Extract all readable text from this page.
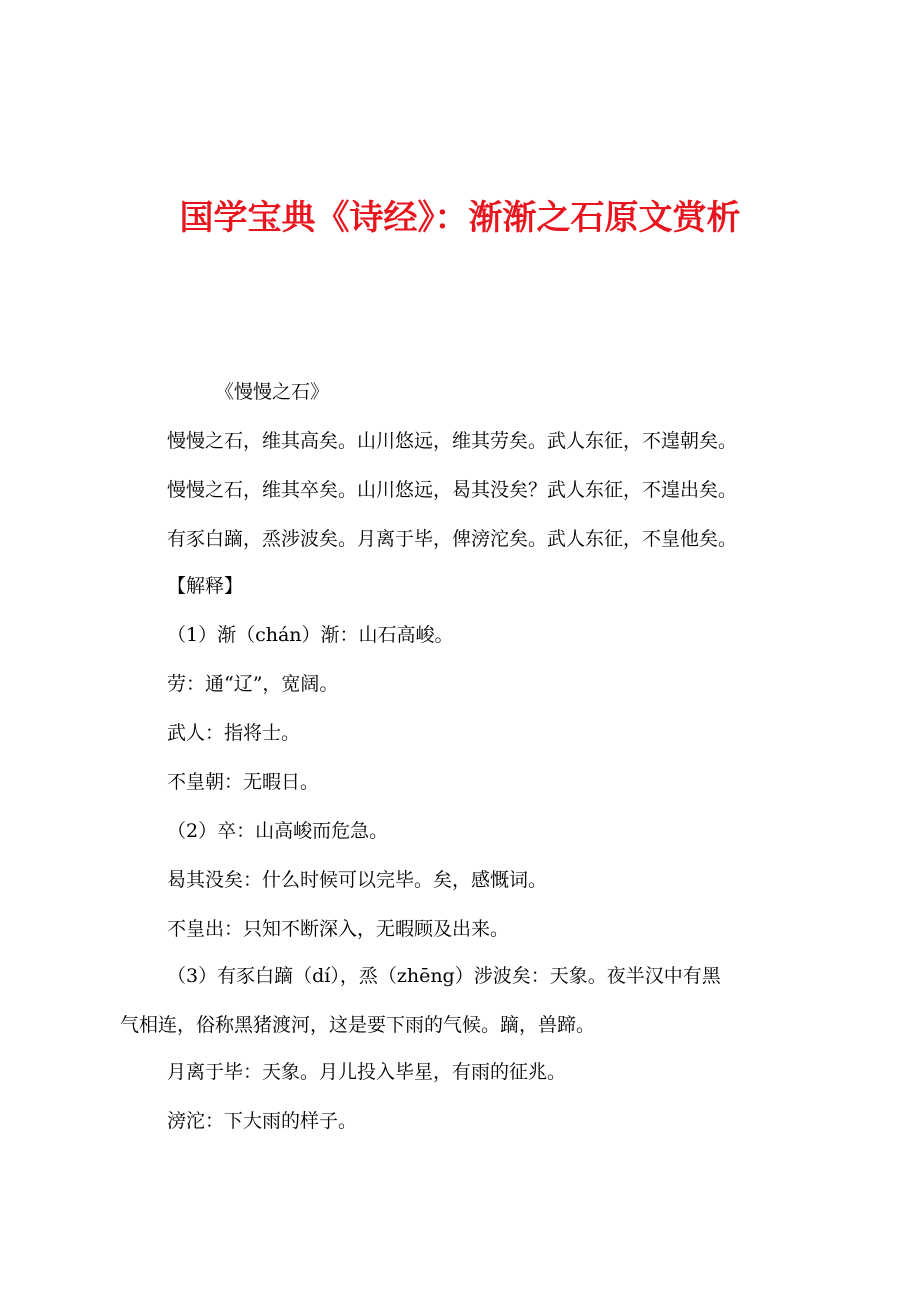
国学宝典《诗经》：渐渐之石原文赏析
《慢慢之石》
慢慢之石，维其高矣。山川悠远，维其劳矣。武人东征，不遑朝矣。
慢慢之石，维其卒矣。山川悠远，曷其没矣？武人东征，不遑出矣。
有豕白蹢，烝涉波矣。月离于毕，俾滂沱矣。武人东征，不皇他矣。
【解释】
（1）渐（chán）渐：山石高峻。
劳：通“辽”，宽阔。
武人：指将士。
不皇朝：无暇日。
（2）卒：山高峻而危急。
曷其没矣：什么时候可以完毕。矣，感慨词。
不皇出：只知不断深入，无暇顾及出来。
（3）有豕白蹢（dí），烝（zhēng）涉波矣：天象。夜半汉中有黑
气相连，俗称黑猪渡河，这是要下雨的气候。蹢，兽蹄。
月离于毕：天象。月儿投入毕星，有雨的征兆。
滂沱：下大雨的样子。
